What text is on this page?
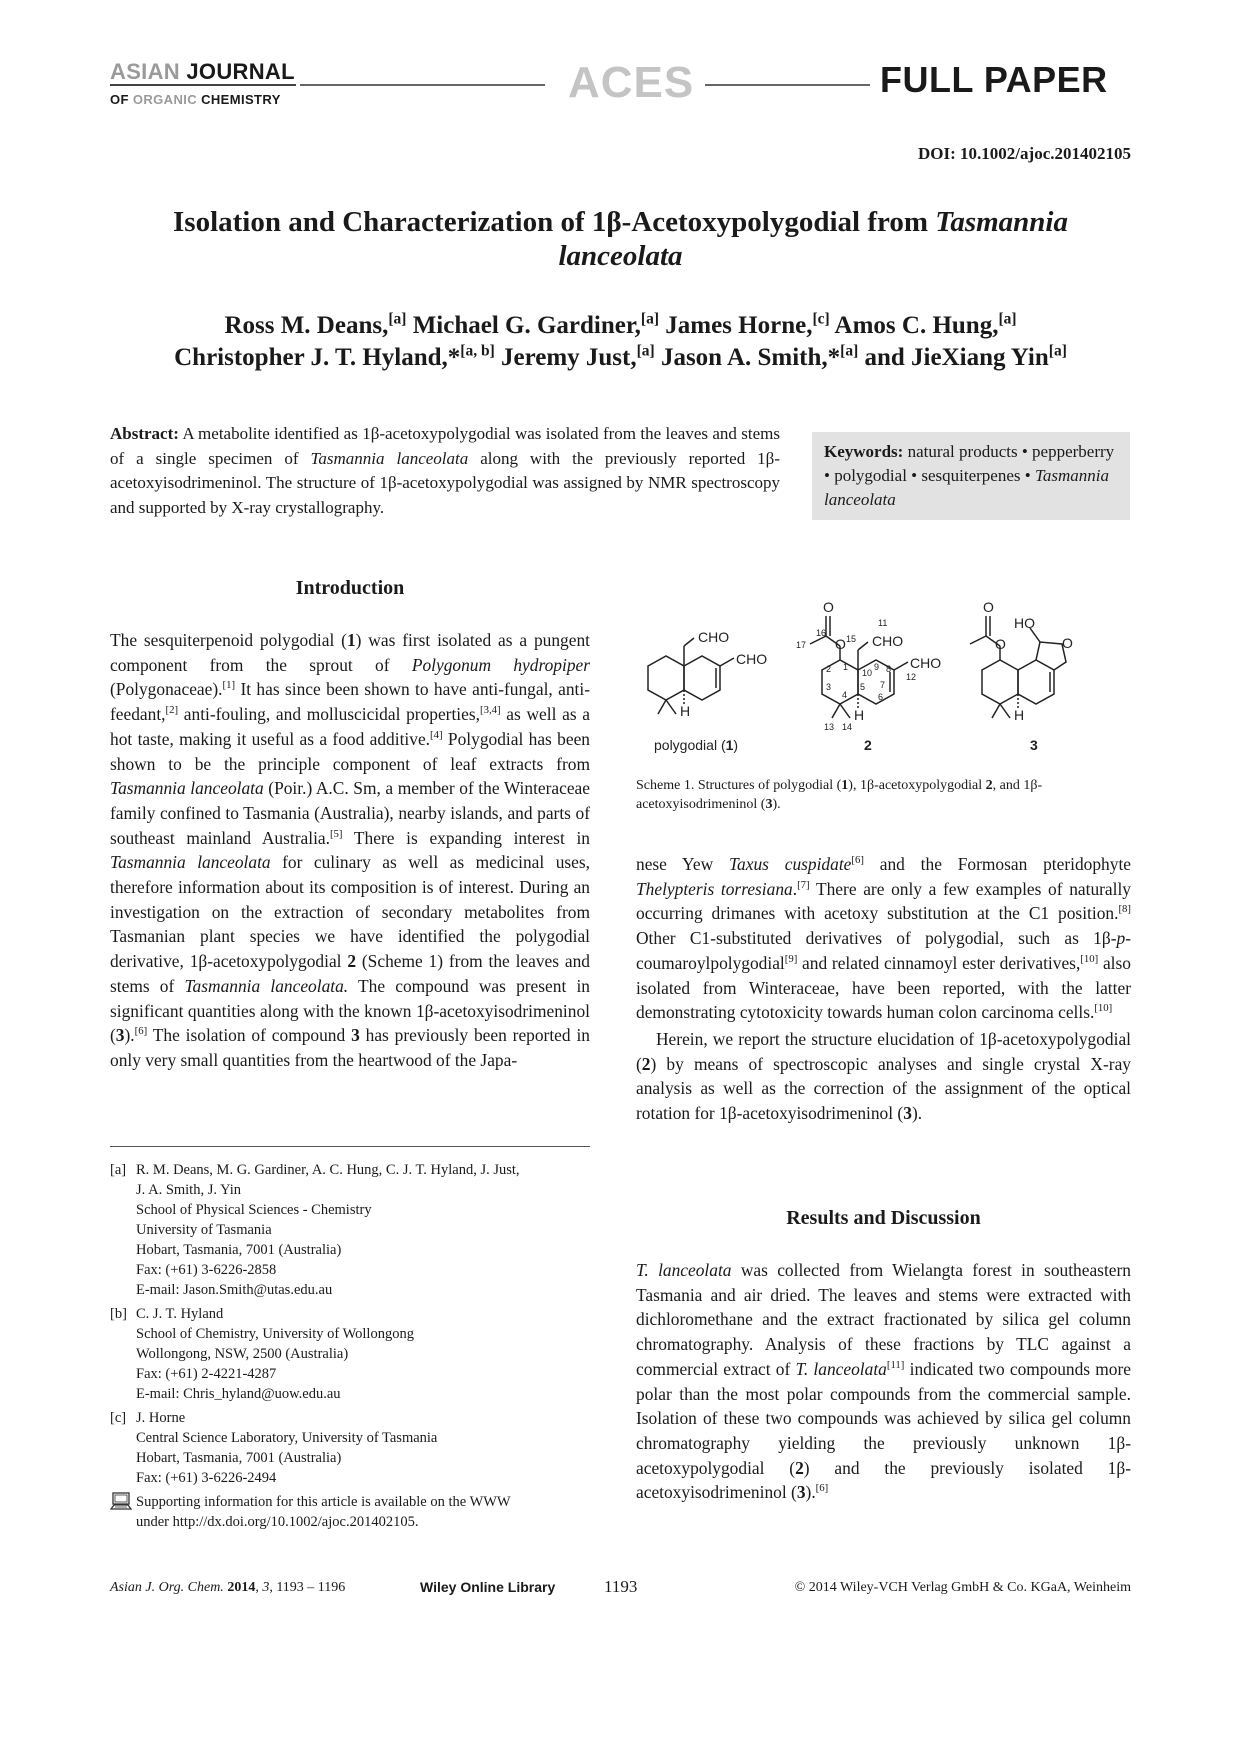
ASIAN JOURNAL
OF ORGANIC CHEMISTRY	ACES	FULL PAPER
DOI: 10.1002/ajoc.201402105
Isolation and Characterization of 1β-Acetoxypolygodial from Tasmannia lanceolata
Ross M. Deans,[a] Michael G. Gardiner,[a] James Horne,[c] Amos C. Hung,[a]
Christopher J. T. Hyland,*[a, b] Jeremy Just,[a] Jason A. Smith,*[a] and JieXiang Yin[a]
Abstract: A metabolite identified as 1β-acetoxypolygodial was isolated from the leaves and stems of a single specimen of Tasmannia lanceolata along with the previously reported 1β-acetoxyisodrimeninol. The structure of 1β-acetoxypolygodial was assigned by NMR spectroscopy and supported by X-ray crystallography.
Keywords: natural products • pepperberry • polygodial • sesquiterpenes • Tasmannia lanceolata
Introduction

The sesquiterpenoid polygodial (1) was first isolated as a pungent component from the sprout of Polygonum hydropiper (Polygonaceae).[1] It has since been shown to have anti-fungal, anti-feedant,[2] anti-fouling, and molluscicidal properties,[3,4] as well as a hot taste, making it useful as a food additive.[4] Polygodial has been shown to be the principle component of leaf extracts from Tasmannia lanceolata (Poir.) A.C. Sm, a member of the Winteraceae family confined to Tasmania (Australia), nearby islands, and parts of southeast mainland Australia.[5] There is expanding interest in Tasmannia lanceolata for culinary as well as medicinal uses, therefore information about its composition is of interest. During an investigation on the extraction of secondary metabolites from Tasmanian plant species we have identified the polygodial derivative, 1β-acetoxypolygodial 2 (Scheme 1) from the leaves and stems of Tasmannia lanceolata. The compound was present in significant quantities along with the known 1β-acetoxyisodrimeninol (3).[6] The isolation of compound 3 has previously been reported in only very small quantities from the heartwood of the Japa-

[a] R. M. Deans, M. G. Gardiner, A. C. Hung, C. J. T. Hyland, J. Just,
J. A. Smith, J. Yin
School of Physical Sciences - Chemistry
University of Tasmania
Hobart, Tasmania, 7001 (Australia)
Fax: (+61) 3-6226-2858
E-mail: Jason.Smith@utas.edu.au
[b] C. J. T. Hyland
School of Chemistry, University of Wollongong
Wollongong, NSW, 2500 (Australia)
Fax: (+61) 2-4221-4287
E-mail: Chris_hyland@uow.edu.au
[c] J. Horne
Central Science Laboratory, University of Tasmania
Hobart, Tasmania, 7001 (Australia)
Fax: (+61) 3-6226-2494
Supporting information for this article is available on the WWW
under http://dx.doi.org/10.1002/ajoc.201402105.
CHO
CHO
H
polygodial (1)
O
O CHO
CHO
H
17
16
15
11
1
2
3
4
5
6
7
8
9
10	12
13 14
2
O
O
HO
O
H
3
Scheme 1. Structures of polygodial (1), 1β-acetoxypolygodial 2, and 1β-acetoxyisodrimeninol (3).

nese Yew Taxus cuspidate[6] and the Formosan pteridophyte Thelypteris torresiana.[7] There are only a few examples of naturally occurring drimanes with acetoxy substitution at the C1 position.[8] Other C1-substituted derivatives of polygodial, such as 1β-p-coumaroylpolygodial[9] and related cinnamoyl ester derivatives,[10] also isolated from Winteraceae, have been reported, with the latter demonstrating cytotoxicity towards human colon carcinoma cells.[10]

Herein, we report the structure elucidation of 1β-acetoxypolygodial (2) by means of spectroscopic analyses and single crystal X-ray analysis as well as the correction of the assignment of the optical rotation for 1β-acetoxyisodrimeninol (3).

Results and Discussion

T. lanceolata was collected from Wielangta forest in southeastern Tasmania and air dried. The leaves and stems were extracted with dichloromethane and the extract fractionated by silica gel column chromatography. Analysis of these fractions by TLC against a commercial extract of T. lanceolata[11] indicated two compounds more polar than the most polar compounds from the commercial sample. Isolation of these two compounds was achieved by silica gel column chromatography yielding the previously unknown 1β-acetoxypolygodial (2) and the previously isolated 1β-acetoxyisodrimeninol (3).[6]

Asian J. Org. Chem. 2014, 3, 1193 – 1196	Wiley Online Library	1193	© 2014 Wiley-VCH Verlag GmbH & Co. KGaA, Weinheim
